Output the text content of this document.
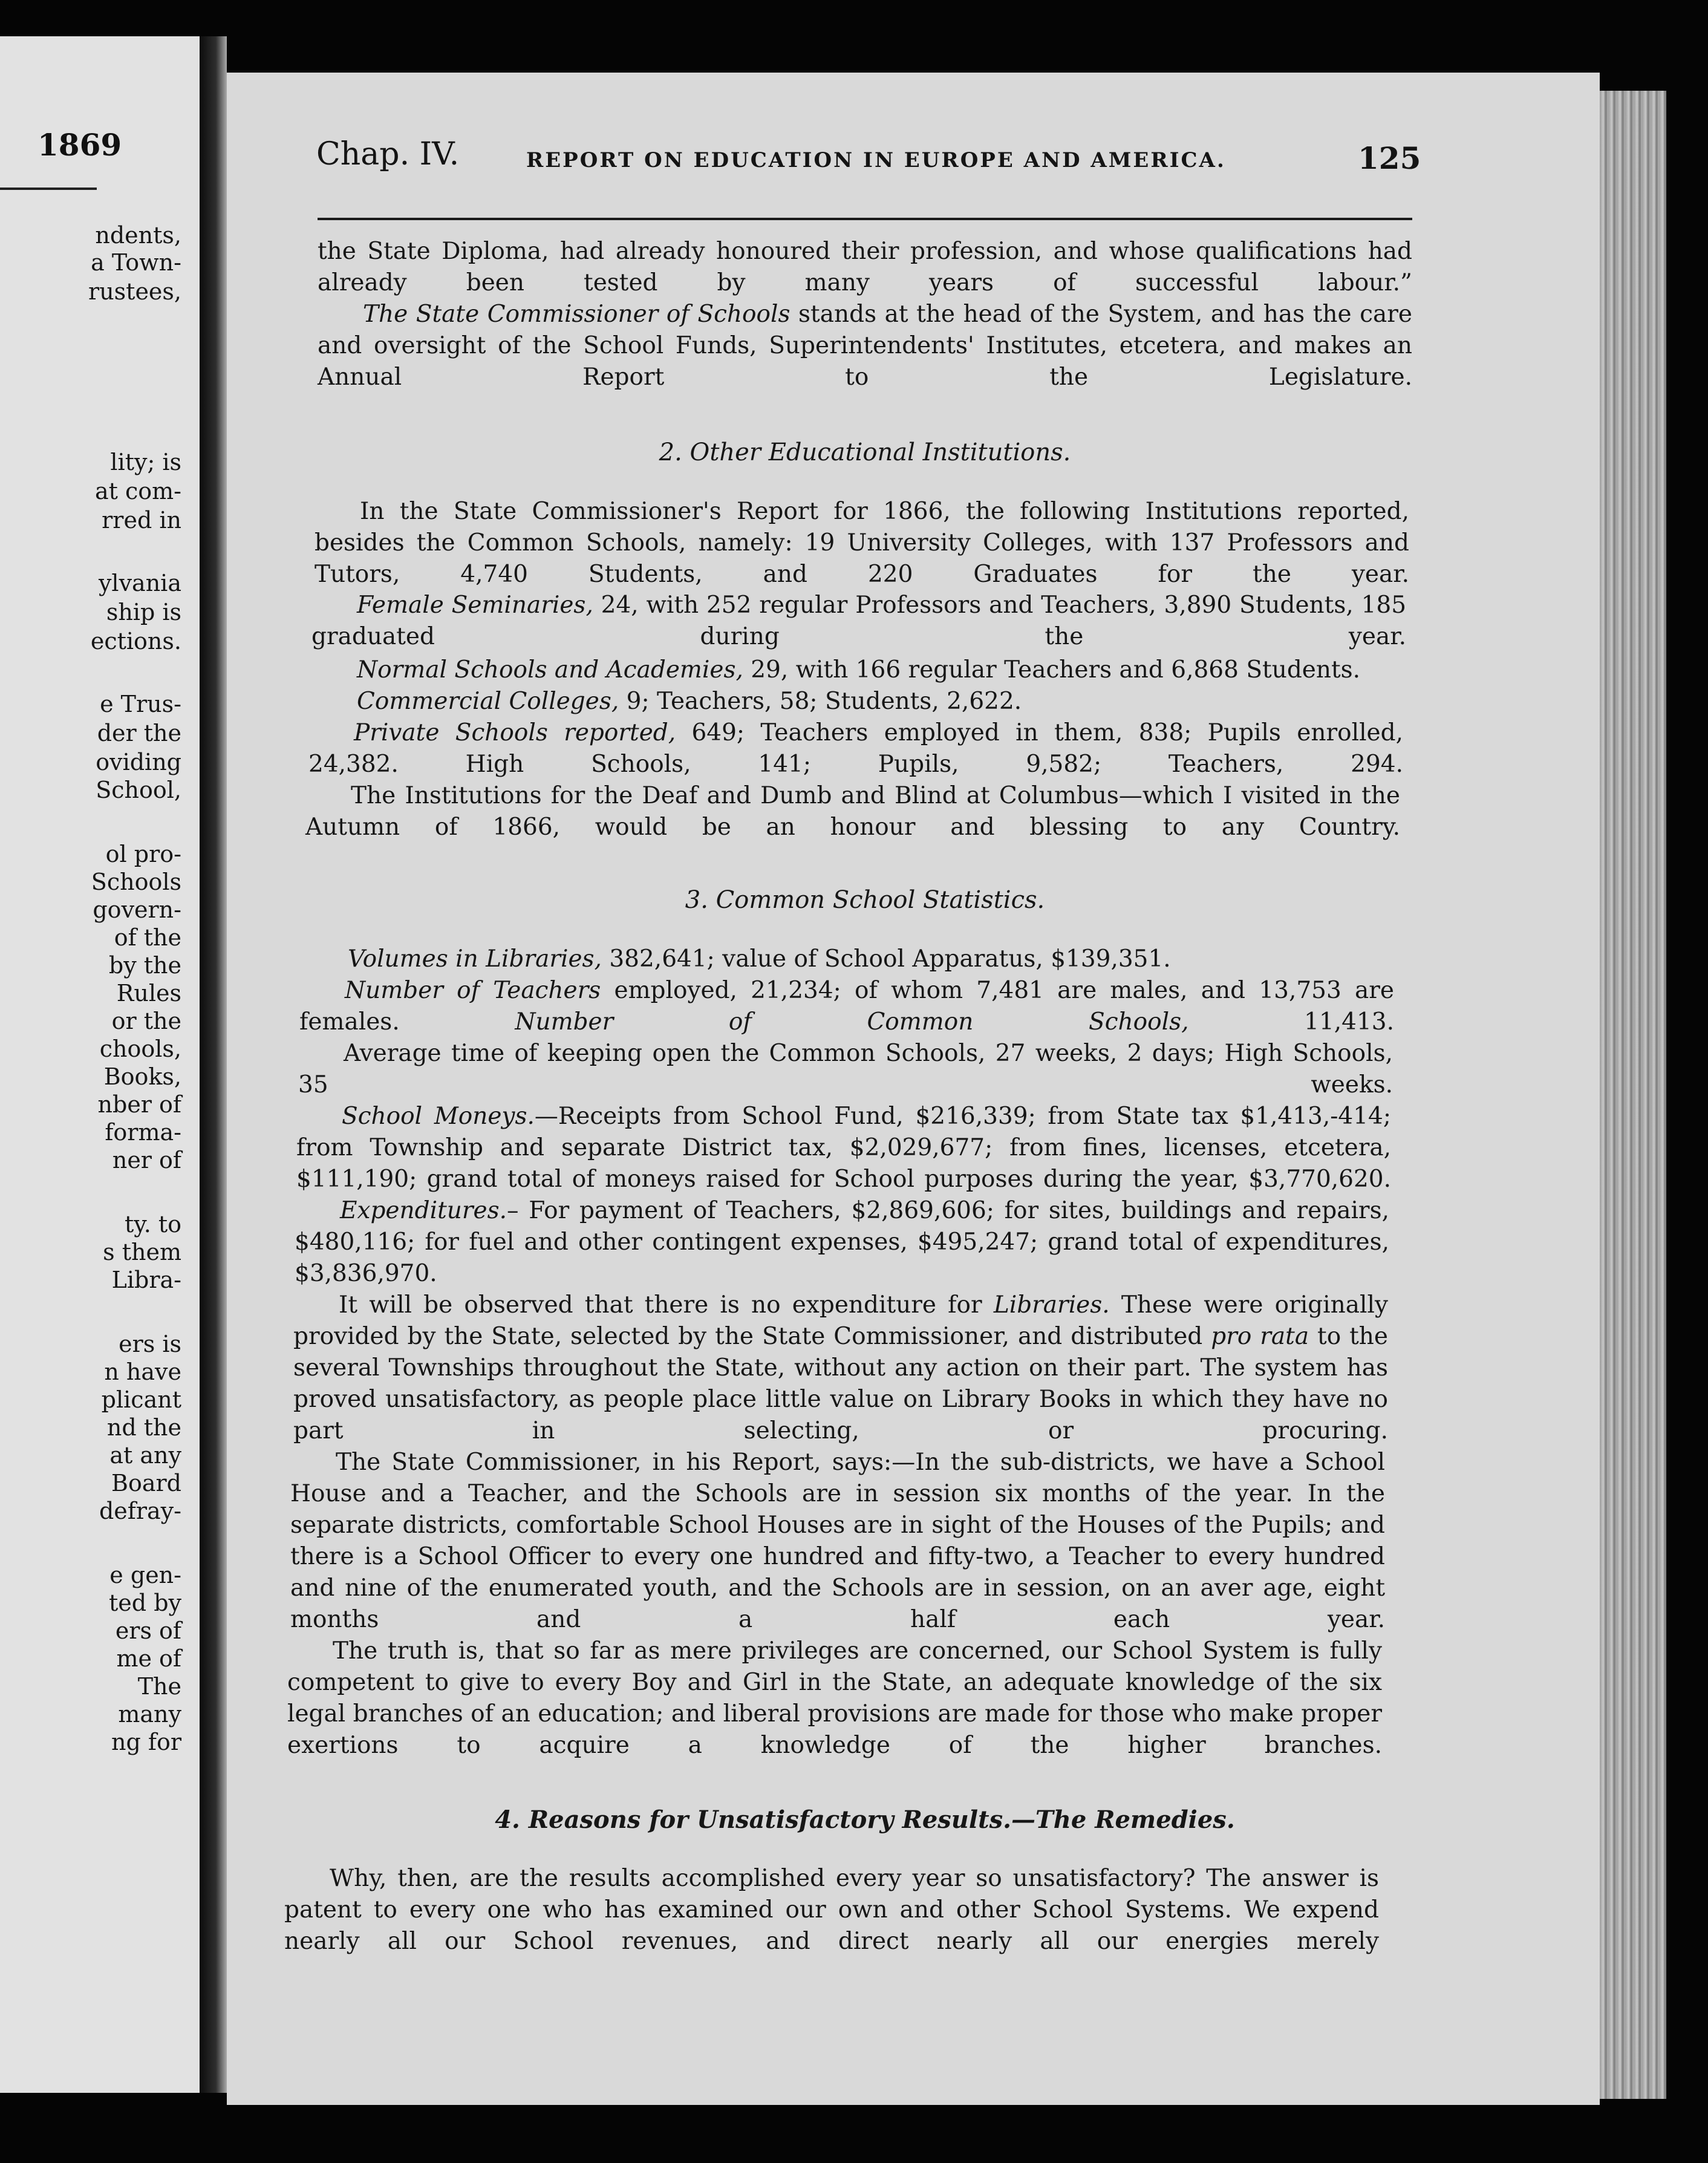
1869
ndents,
a Town-
rustees,
lity; is
at com-
rred in
ylvania
ship is
ections.
e Trus-
der the
oviding
School,
ol pro-
Schools
govern-
of the
by the
Rules
or the
chools,
Books,
nber of
forma-
ner of
ty. to
s them
Libra-
ers is
n have
plicant
nd the
at any
Board
defray-
e gen-
ted by
ers of
me of
The
many
ng for
Chap. IV.	REPORT ON EDUCATION IN EUROPE AND AMERICA.	125

the State Diploma, had already honoured their profession, and whose qualifications had already been tested by many years of successful labour.”

The State Commissioner of Schools stands at the head of the System, and has the care and oversight of the School Funds, Superintendents' Institutes, etcetera, and makes an Annual Report to the Legislature.

2. Other Educational Institutions.

In the State Commissioner's Report for 1866, the following Institutions reported, besides the Common Schools, namely: 19 University Colleges, with 137 Professors and Tutors, 4,740 Students, and 220 Graduates for the year.

Female Seminaries, 24, with 252 regular Professors and Teachers, 3,890 Students, 185 graduated during the year.

Normal Schools and Academies, 29, with 166 regular Teachers and 6,868 Students.

Commercial Colleges, 9; Teachers, 58; Students, 2,622.

Private Schools reported, 649; Teachers employed in them, 838; Pupils enrolled, 24,382. High Schools, 141; Pupils, 9,582; Teachers, 294.

The Institutions for the Deaf and Dumb and Blind at Columbus—which I visited in the Autumn of 1866, would be an honour and blessing to any Country.

3. Common School Statistics.

Volumes in Libraries, 382,641; value of School Apparatus, $139,351.

Number of Teachers employed, 21,234; of whom 7,481 are males, and 13,753 are females. Number of Common Schools, 11,413.

Average time of keeping open the Common Schools, 27 weeks, 2 days; High Schools, 35 weeks.

School Moneys.—Receipts from School Fund, $216,339; from State tax $1,413,-414; from Township and separate District tax, $2,029,677; from fines, licenses, etcetera, $111,190; grand total of moneys raised for School purposes during the year, $3,770,620.

Expenditures.– For payment of Teachers, $2,869,606; for sites, buildings and repairs, $480,116; for fuel and other contingent expenses, $495,247; grand total of expenditures, $3,836,970.

It will be observed that there is no expenditure for Libraries. These were originally provided by the State, selected by the State Commissioner, and distributed pro rata to the several Townships throughout the State, without any action on their part. The system has proved unsatisfactory, as people place little value on Library Books in which they have no part in selecting, or procuring.

The State Commissioner, in his Report, says:—In the sub-districts, we have a School House and a Teacher, and the Schools are in session six months of the year. In the separate districts, comfortable School Houses are in sight of the Houses of the Pupils; and there is a School Officer to every one hundred and fifty-two, a Teacher to every hundred and nine of the enumerated youth, and the Schools are in session, on an aver age, eight months and a half each year.

The truth is, that so far as mere privileges are concerned, our School System is fully competent to give to every Boy and Girl in the State, an adequate knowledge of the six legal branches of an education; and liberal provisions are made for those who make proper exertions to acquire a knowledge of the higher branches.

4. Reasons for Unsatisfactory Results.—The Remedies.

Why, then, are the results accomplished every year so unsatisfactory? The answer is patent to every one who has examined our own and other School Systems. We expend nearly all our School revenues, and direct nearly all our energies merely
